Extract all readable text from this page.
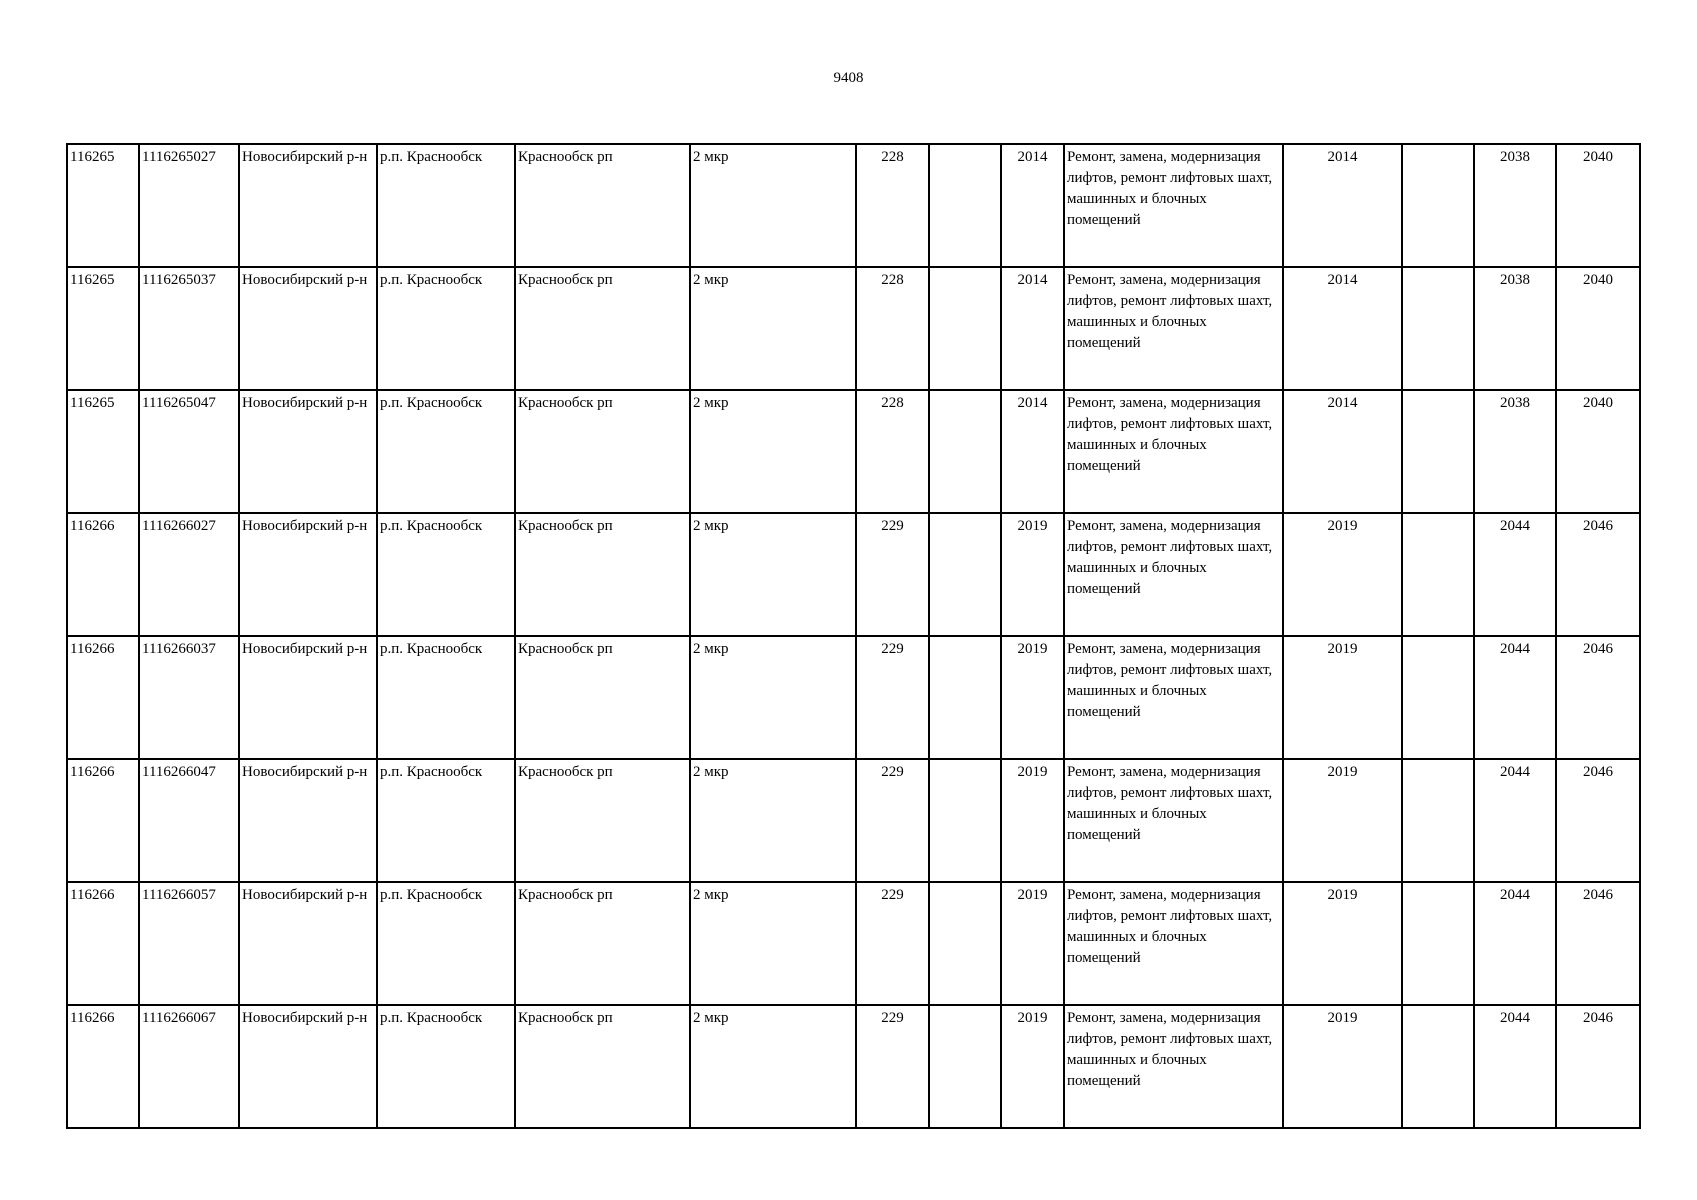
9408
116265	1116265027	Новосибирский р-н	р.п. Краснообск	Краснообск рп	2 мкр	228		2014	Ремонт, замена, модернизация лифтов, ремонт лифтовых шахт, машинных и блочных помещений	2014		2038	2040
116265	1116265037	Новосибирский р-н	р.п. Краснообск	Краснообск рп	2 мкр	228		2014	Ремонт, замена, модернизация лифтов, ремонт лифтовых шахт, машинных и блочных помещений	2014		2038	2040
116265	1116265047	Новосибирский р-н	р.п. Краснообск	Краснообск рп	2 мкр	228		2014	Ремонт, замена, модернизация лифтов, ремонт лифтовых шахт, машинных и блочных помещений	2014		2038	2040
116266	1116266027	Новосибирский р-н	р.п. Краснообск	Краснообск рп	2 мкр	229		2019	Ремонт, замена, модернизация лифтов, ремонт лифтовых шахт, машинных и блочных помещений	2019		2044	2046
116266	1116266037	Новосибирский р-н	р.п. Краснообск	Краснообск рп	2 мкр	229		2019	Ремонт, замена, модернизация лифтов, ремонт лифтовых шахт, машинных и блочных помещений	2019		2044	2046
116266	1116266047	Новосибирский р-н	р.п. Краснообск	Краснообск рп	2 мкр	229		2019	Ремонт, замена, модернизация лифтов, ремонт лифтовых шахт, машинных и блочных помещений	2019		2044	2046
116266	1116266057	Новосибирский р-н	р.п. Краснообск	Краснообск рп	2 мкр	229		2019	Ремонт, замена, модернизация лифтов, ремонт лифтовых шахт, машинных и блочных помещений	2019		2044	2046
116266	1116266067	Новосибирский р-н	р.п. Краснообск	Краснообск рп	2 мкр	229		2019	Ремонт, замена, модернизация лифтов, ремонт лифтовых шахт, машинных и блочных помещений	2019		2044	2046
